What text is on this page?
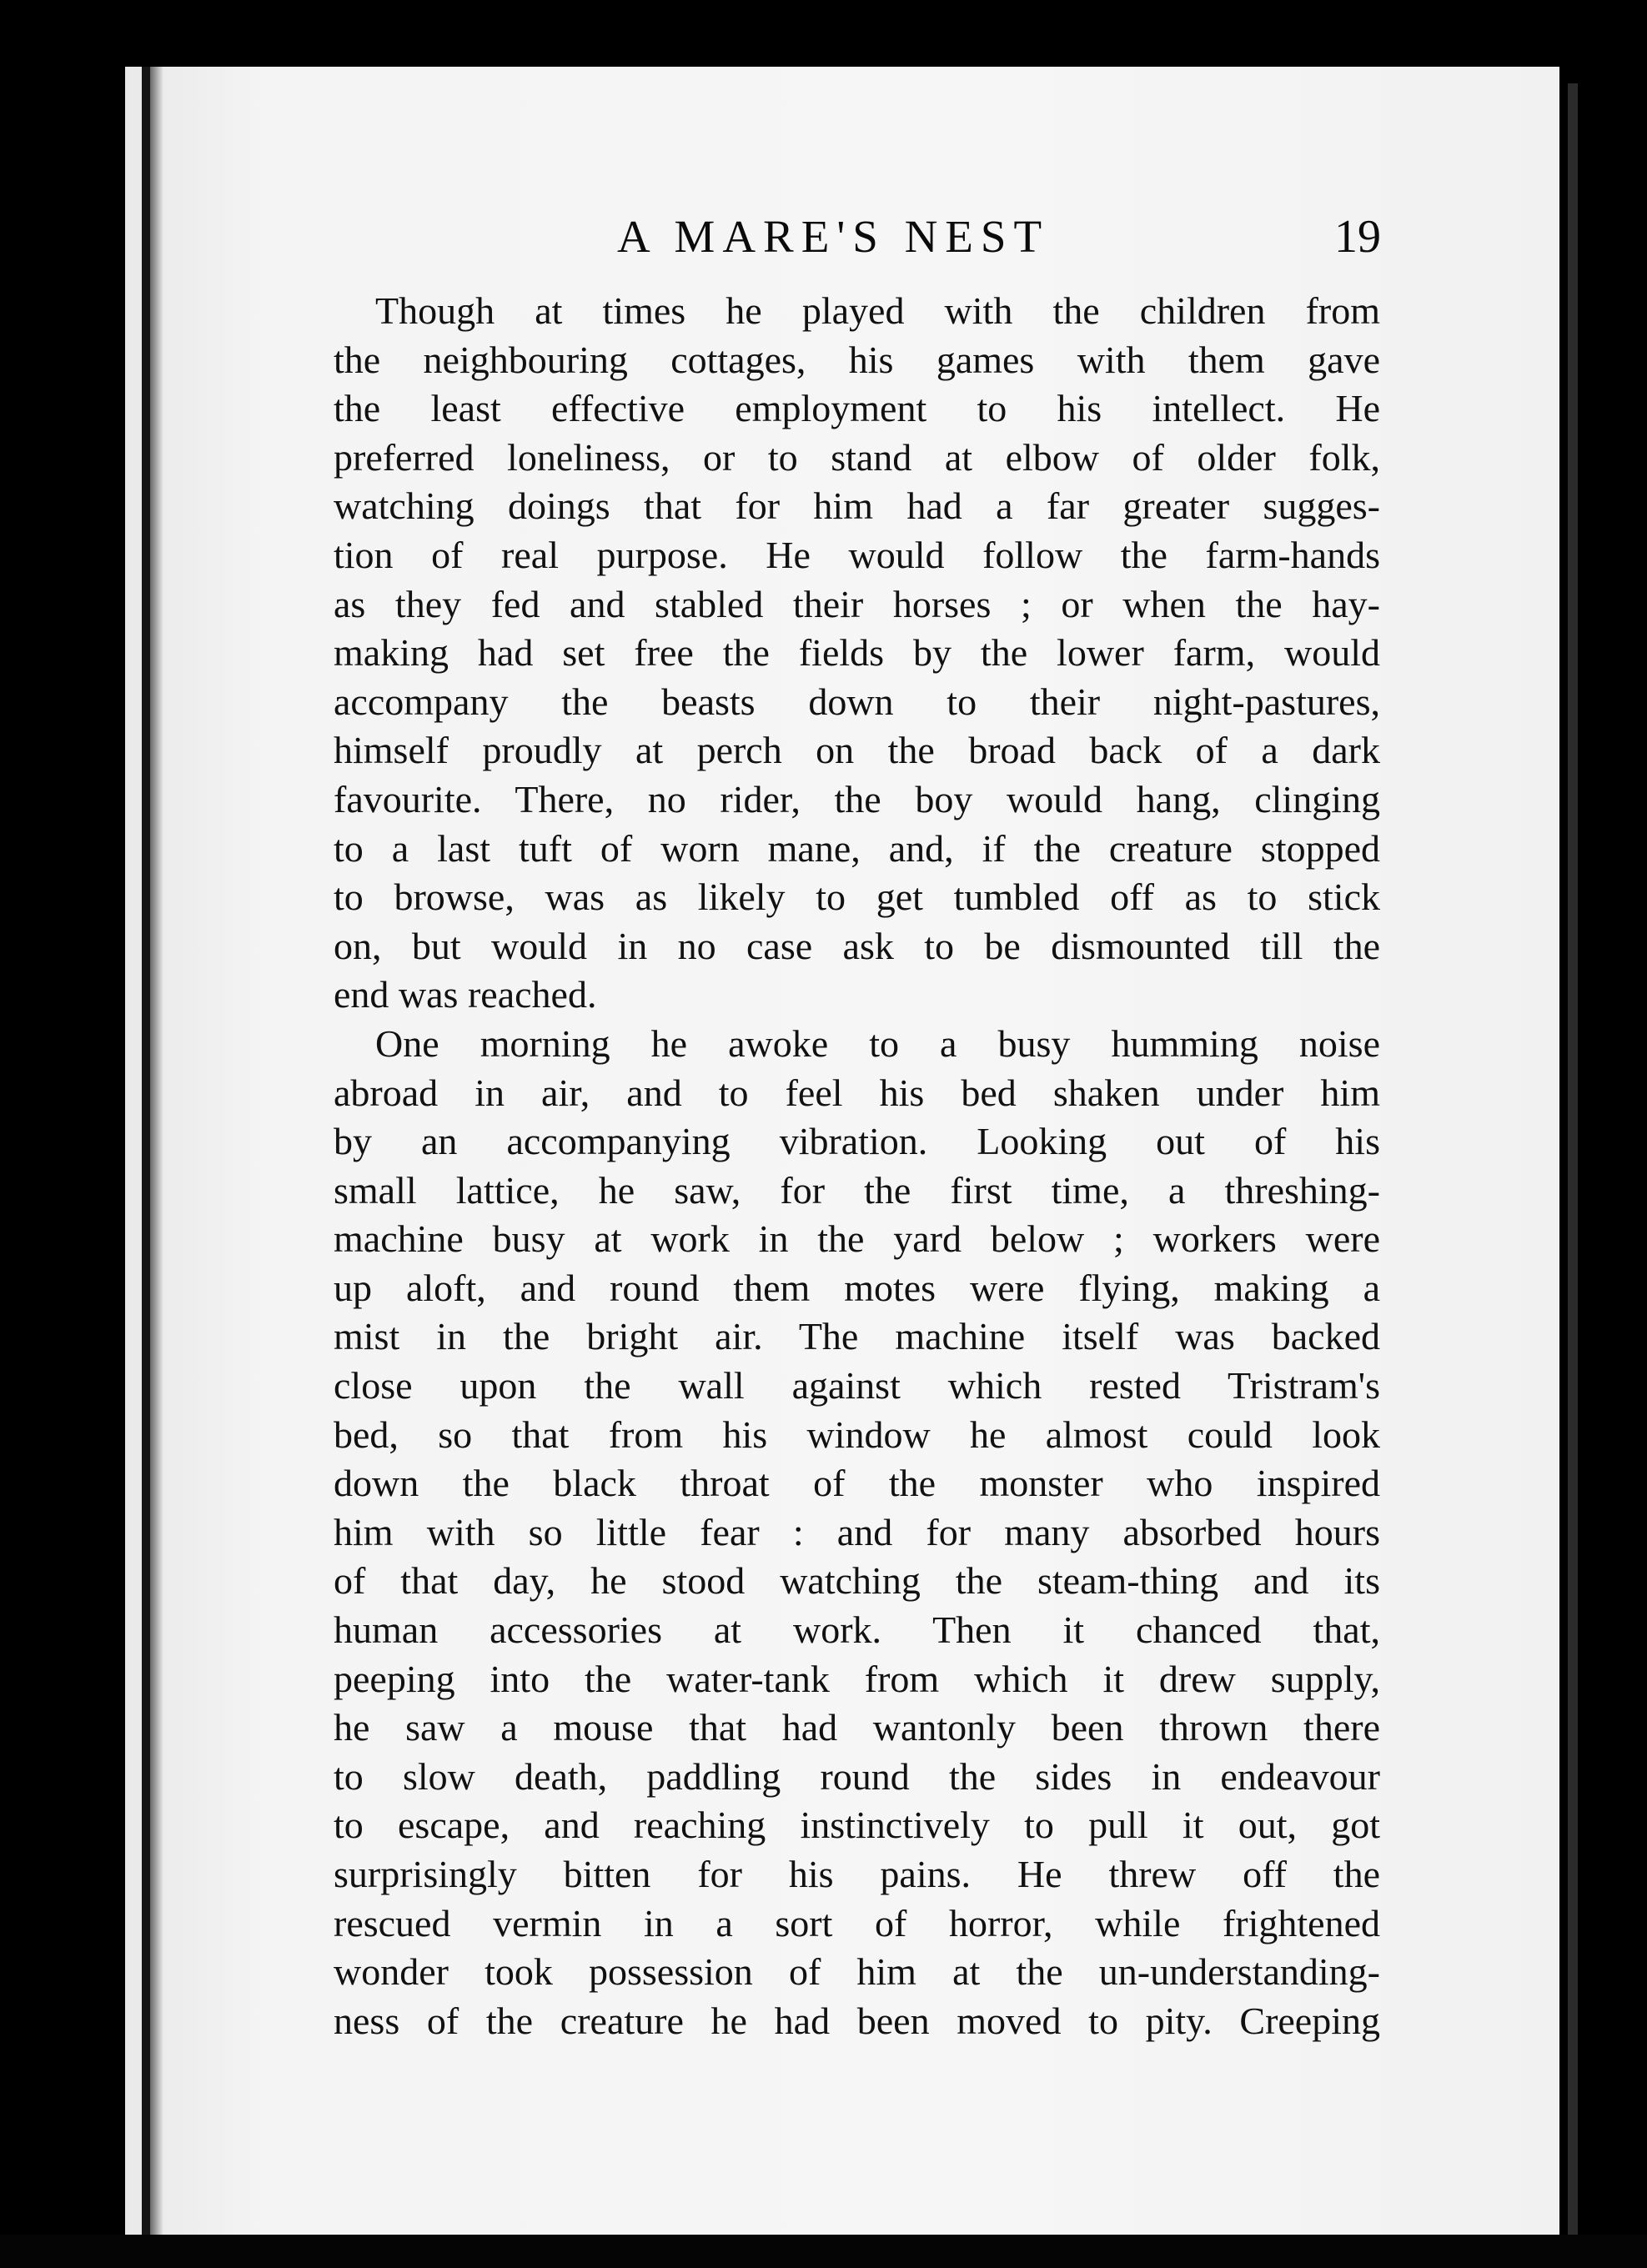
A MARE'S NEST	19
Though at times he played with the children from
the neighbouring cottages, his games with them gave
the least effective employment to his intellect. He
preferred loneliness, or to stand at elbow of older folk,
watching doings that for him had a far greater sugges-
tion of real purpose. He would follow the farm-hands
as they fed and stabled their horses ; or when the hay-
making had set free the fields by the lower farm, would
accompany the beasts down to their night-pastures,
himself proudly at perch on the broad back of a dark
favourite. There, no rider, the boy would hang, clinging
to a last tuft of worn mane, and, if the creature stopped
to browse, was as likely to get tumbled off as to stick
on, but would in no case ask to be dismounted till the
end was reached.
One morning he awoke to a busy humming noise
abroad in air, and to feel his bed shaken under him
by an accompanying vibration. Looking out of his
small lattice, he saw, for the first time, a threshing-
machine busy at work in the yard below ; workers were
up aloft, and round them motes were flying, making a
mist in the bright air. The machine itself was backed
close upon the wall against which rested Tristram's
bed, so that from his window he almost could look
down the black throat of the monster who inspired
him with so little fear : and for many absorbed hours
of that day, he stood watching the steam-thing and its
human accessories at work. Then it chanced that,
peeping into the water-tank from which it drew supply,
he saw a mouse that had wantonly been thrown there
to slow death, paddling round the sides in endeavour
to escape, and reaching instinctively to pull it out, got
surprisingly bitten for his pains. He threw off the
rescued vermin in a sort of horror, while frightened
wonder took possession of him at the un-understanding-
ness of the creature he had been moved to pity. Creeping
